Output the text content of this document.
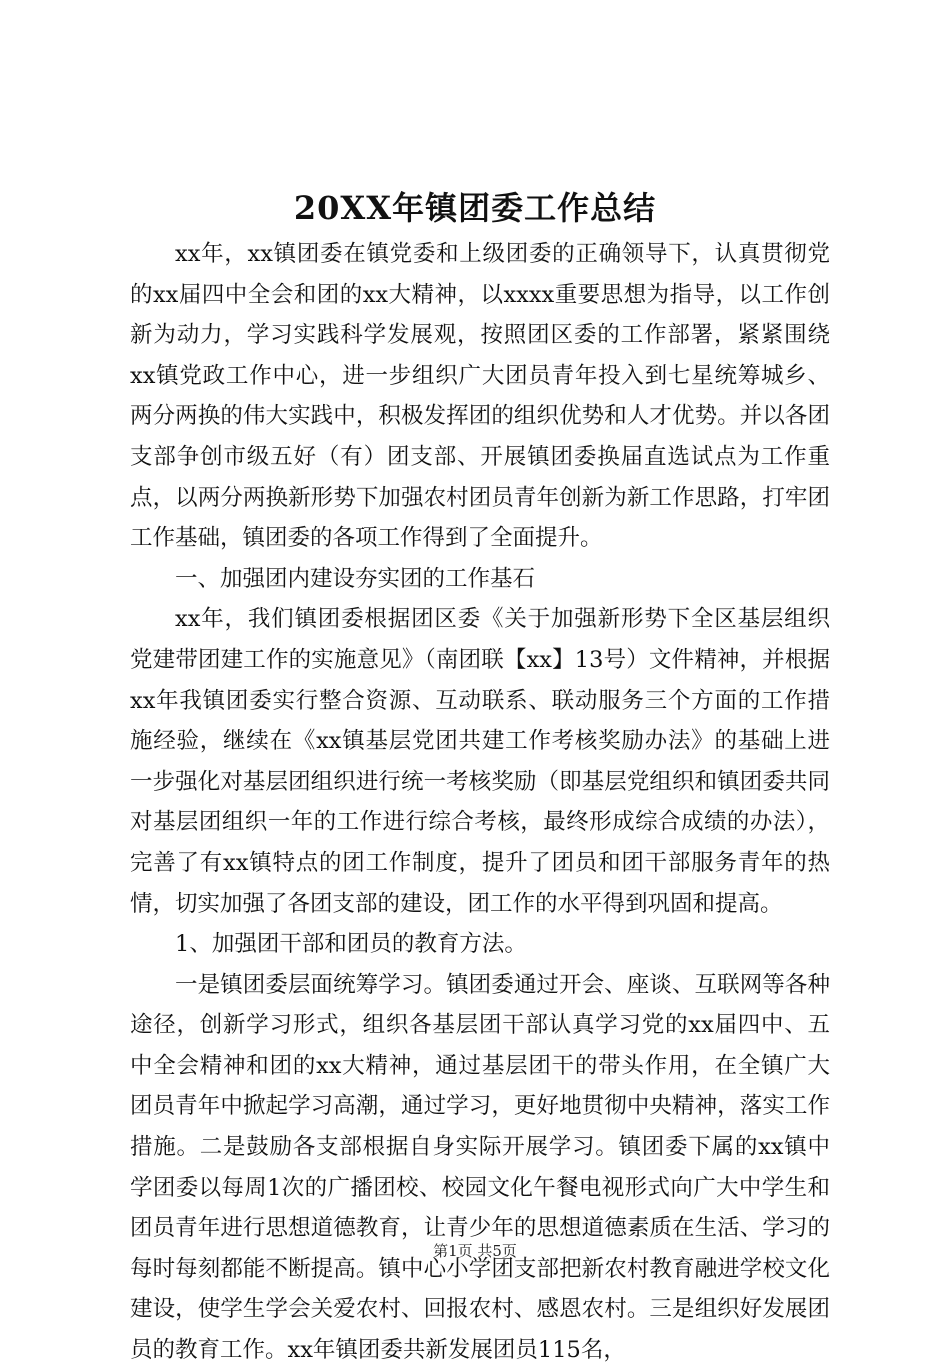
20XX年镇团委工作总结

xx年，xx镇团委在镇党委和上级团委的正确领导下，认真贯彻党的xx届四中全会和团的xx大精神，以xxxx重要思想为指导，以工作创新为动力，学习实践科学发展观，按照团区委的工作部署，紧紧围绕xx镇党政工作中心，进一步组织广大团员青年投入到七星统筹城乡、两分两换的伟大实践中，积极发挥团的组织优势和人才优势。并以各团支部争创市级五好（有）团支部、开展镇团委换届直选试点为工作重点，以两分两换新形势下加强农村团员青年创新为新工作思路，打牢团工作基础，镇团委的各项工作得到了全面提升。

一、加强团内建设夯实团的工作基石

xx年，我们镇团委根据团区委《关于加强新形势下全区基层组织党建带团建工作的实施意见》（南团联【xx】13号）文件精神，并根据xx年我镇团委实行整合资源、互动联系、联动服务三个方面的工作措施经验，继续在《xx镇基层党团共建工作考核奖励办法》的基础上进一步强化对基层团组织进行统一考核奖励（即基层党组织和镇团委共同对基层团组织一年的工作进行综合考核，最终形成综合成绩的办法），完善了有xx镇特点的团工作制度，提升了团员和团干部服务青年的热情，切实加强了各团支部的建设，团工作的水平得到巩固和提高。

1、加强团干部和团员的教育方法。

一是镇团委层面统筹学习。镇团委通过开会、座谈、互联网等各种途径，创新学习形式，组织各基层团干部认真学习党的xx届四中、五中全会精神和团的xx大精神，通过基层团干的带头作用，在全镇广大团员青年中掀起学习高潮，通过学习，更好地贯彻中央精神，落实工作措施。二是鼓励各支部根据自身实际开展学习。镇团委下属的xx镇中学团委以每周1次的广播团校、校园文化午餐电视形式向广大中学生和团员青年进行思想道德教育，让青少年的思想道德素质在生活、学习的每时每刻都能不断提高。镇中心小学团支部把新农村教育融进学校文化建设，使学生学会关爱农村、回报农村、感恩农村。三是组织好发展团员的教育工作。xx年镇团委共新发展团员115名，

第1页 共5页
